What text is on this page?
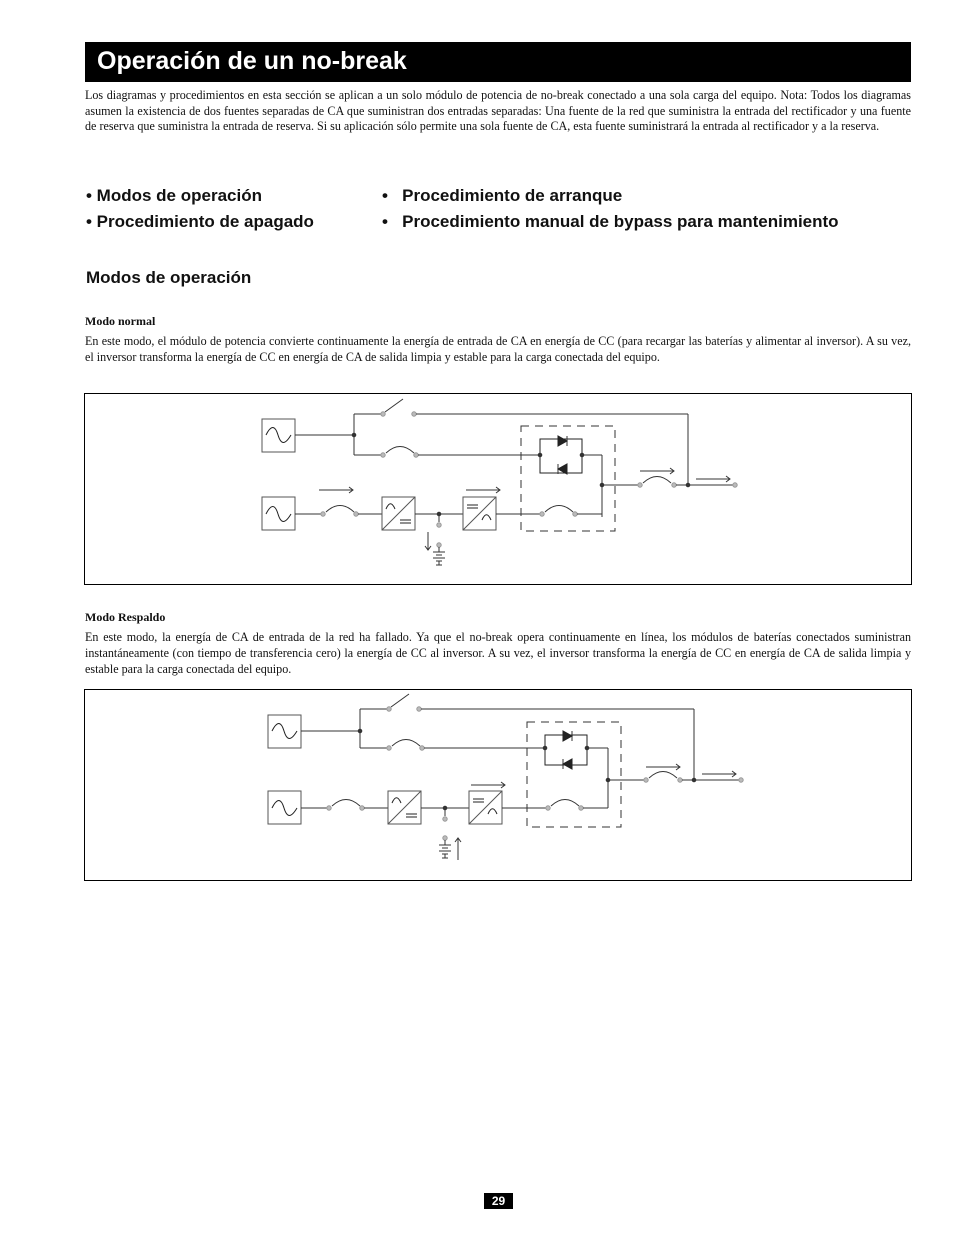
Operación de un no-break

Los diagramas y procedimientos en esta sección se aplican a un solo módulo de potencia de no-break conectado a una sola carga del equipo. Nota: Todos los diagramas asumen la existencia de dos fuentes separadas de CA que suministran dos entradas separadas: Una fuente de la red que suministra la entrada del rectificador y una fuente de reserva que suministra la entrada de reserva. Si su aplicación sólo permite una sola fuente de CA, esta fuente suministrará la entrada al rectificador y a la reserva.

• Modos de operación
• Procedimiento de apagado
•   Procedimiento de arranque
•   Procedimiento manual de bypass para mantenimiento
Modos de operación
Modo normal

En este modo, el módulo de potencia convierte continuamente la energía de entrada de CA en energía de CC (para recargar las baterías y alimentar al inversor). A su vez, el inversor transforma la energía de CC en energía de CA de salida limpia y estable para la carga conectada del equipo.

Modo Respaldo

En este modo, la energía de CA de entrada de la red ha fallado. Ya que el no-break opera continuamente en línea, los módulos de baterías conectados suministran instantáneamente (con tiempo de transferencia cero) la energía de CC al inversor. A su vez, el inversor transforma la energía de CC en energía de CA de salida limpia y estable para la carga conectada del equipo.

29
